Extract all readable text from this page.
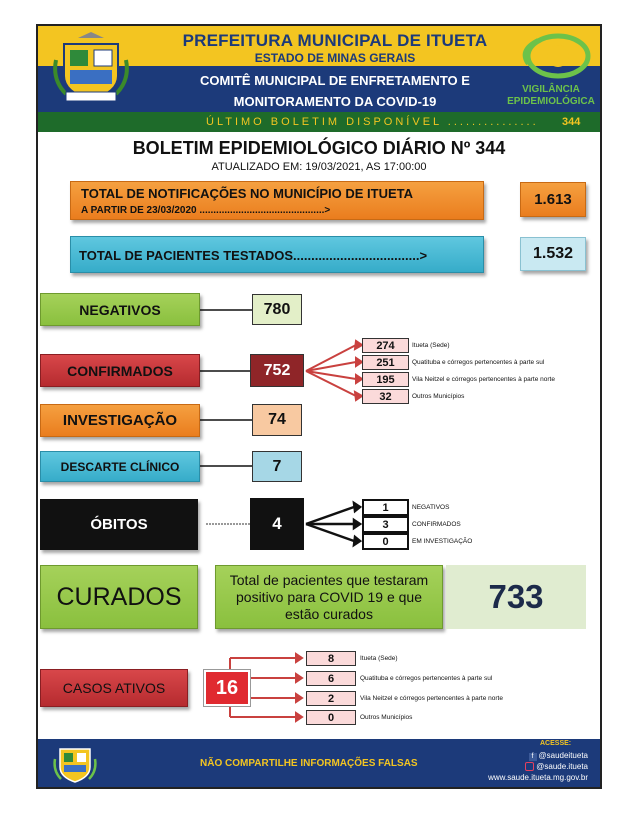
PREFEITURA MUNICIPAL DE ITUETA
ESTADO DE MINAS GERAIS
COMITÊ MUNICIPAL DE ENFRETAMENTO E
MONITORAMENTO DA COVID-19
VIGILÂNCIA
EPIDEMIOLÓGICA
ÚLTIMO BOLETIM DISPONÍVEL ............... 344
BOLETIM EPIDEMIOLÓGICO DIÁRIO Nº 344
ATUALIZADO EM: 19/03/2021, AS 17:00:00
TOTAL DE NOTIFICAÇÕES NO MUNICÍPIO DE ITUETA
A PARTIR DE 23/03/2020 .............................................>
1.613
TOTAL DE PACIENTES TESTADOS...................................>	1.532
NEGATIVOS	780
CONFIRMADOS	752
274	Itueta (Sede)
251	Quatituba e córregos pertencentes à parte sul
195	Vila Neitzel e córregos pertencentes à parte norte
32	Outros Municípios
INVESTIGAÇÃO	74
DESCARTE CLÍNICO	7
ÓBITOS	4
1	NEGATIVOS
3	CONFIRMADOS
0	EM INVESTIGAÇÃO
CURADOS
Total de pacientes que testaram positivo para COVID 19 e que estão curados	733
CASOS ATIVOS	16
8	Itueta (Sede)
6	Quatituba e córregos pertencentes à parte sul
2	Vila Neitzel e córregos pertencentes à parte norte
0	Outros Municípios
NÃO COMPARTILHE INFORMAÇÕES FALSAS
ACESSE:
f @saudeitueta
@saude.itueta
www.saude.itueta.mg.gov.br
